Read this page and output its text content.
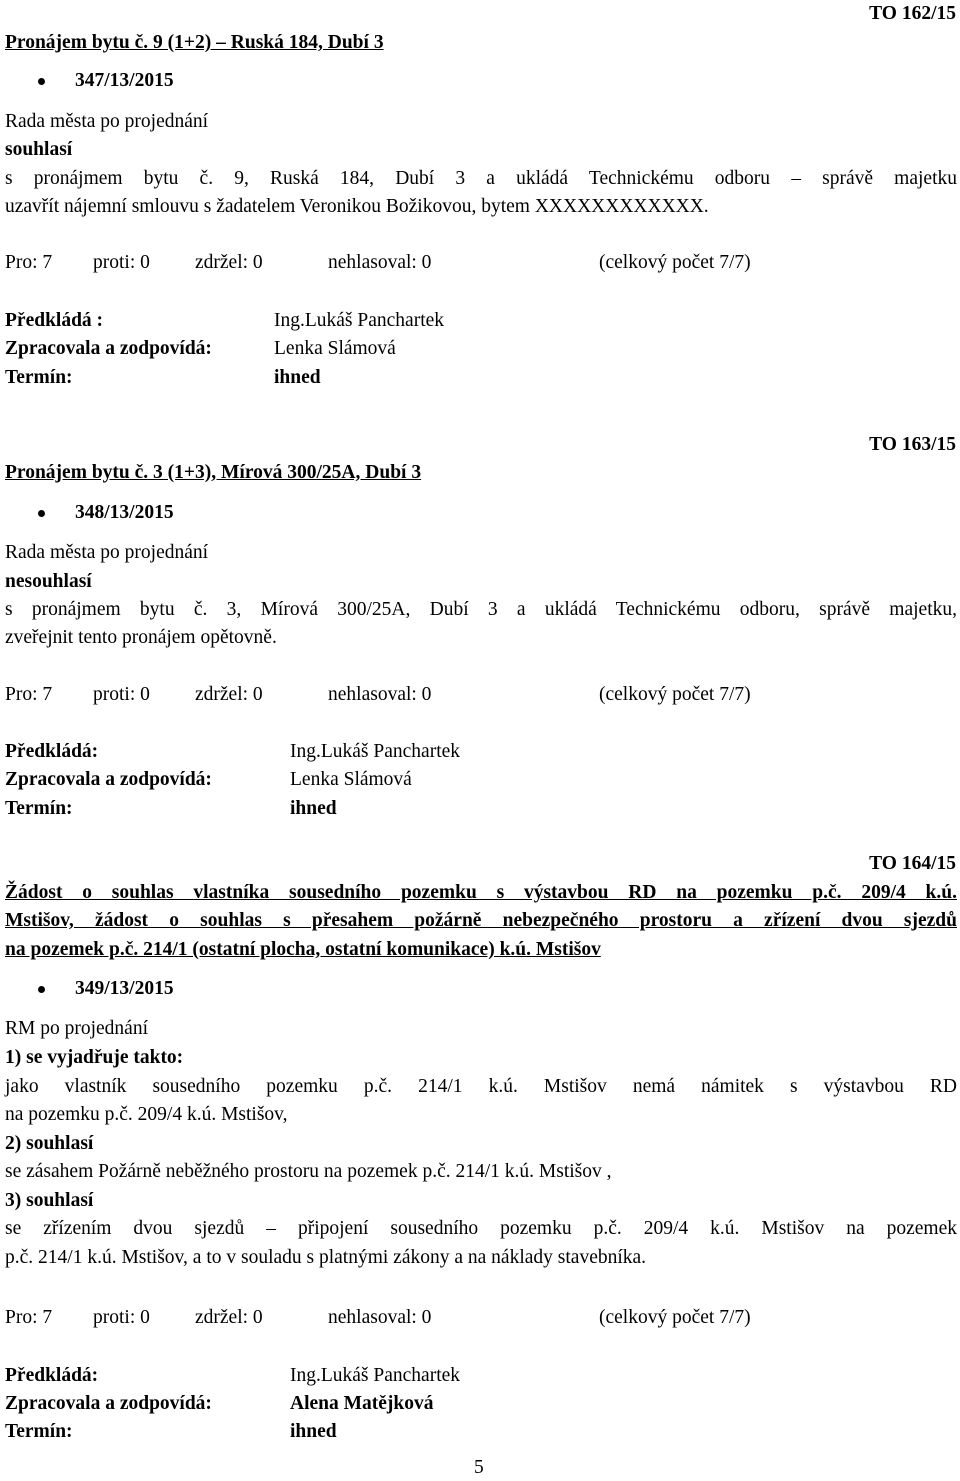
TO 162/15
Pronájem bytu č. 9 (1+2) – Ruská 184, Dubí 3
347/13/2015
Rada města po projednání
souhlasí
s pronájmem bytu č. 9, Ruská 184, Dubí 3 a ukládá Technickému odboru – správě majetku
uzavřít nájemní smlouvu s žadatelem Veronikou Božikovou, bytem XXXXXXXXXXXX.
Pro: 7 proti: 0 zdržel: 0	nehlasoval: 0	(celkový počet 7/7)
Předkládá :	Ing.Lukáš Panchartek
Zpracovala a zodpovídá:	Lenka Slámová
Termín:	ihned
TO 163/15
Pronájem bytu č. 3 (1+3), Mírová 300/25A, Dubí 3
348/13/2015
Rada města po projednání
nesouhlasí
s pronájmem bytu č. 3, Mírová 300/25A, Dubí 3 a ukládá Technickému odboru, správě majetku,
zveřejnit tento pronájem opětovně.
Pro: 7 proti: 0 zdržel: 0	nehlasoval: 0	(celkový počet 7/7)
Předkládá:	Ing.Lukáš Panchartek
Zpracovala a zodpovídá:	Lenka Slámová
Termín:	ihned
TO 164/15
Žádost o souhlas vlastníka sousedního pozemku s výstavbou RD na pozemku p.č. 209/4 k.ú.
Mstišov, žádost o souhlas s přesahem požárně nebezpečného prostoru a zřízení dvou sjezdů
na pozemek p.č. 214/1 (ostatní plocha, ostatní komunikace) k.ú. Mstišov
349/13/2015
RM po projednání
1) se vyjadřuje takto:
jako vlastník sousedního pozemku p.č. 214/1 k.ú. Mstišov nemá námitek s výstavbou RD
na pozemku p.č. 209/4 k.ú. Mstišov,
2) souhlasí
se zásahem Požárně neběžného prostoru na pozemek p.č. 214/1 k.ú. Mstišov ,
3) souhlasí
se zřízením dvou sjezdů – připojení sousedního pozemku p.č. 209/4 k.ú. Mstišov na pozemek
p.č. 214/1 k.ú. Mstišov, a to v souladu s platnými zákony a na náklady stavebníka.
Pro: 7 proti: 0 zdržel: 0	nehlasoval: 0	(celkový počet 7/7)
Předkládá:	Ing.Lukáš Panchartek
Zpracovala a zodpovídá:	Alena Matějková
Termín:	ihned
5
